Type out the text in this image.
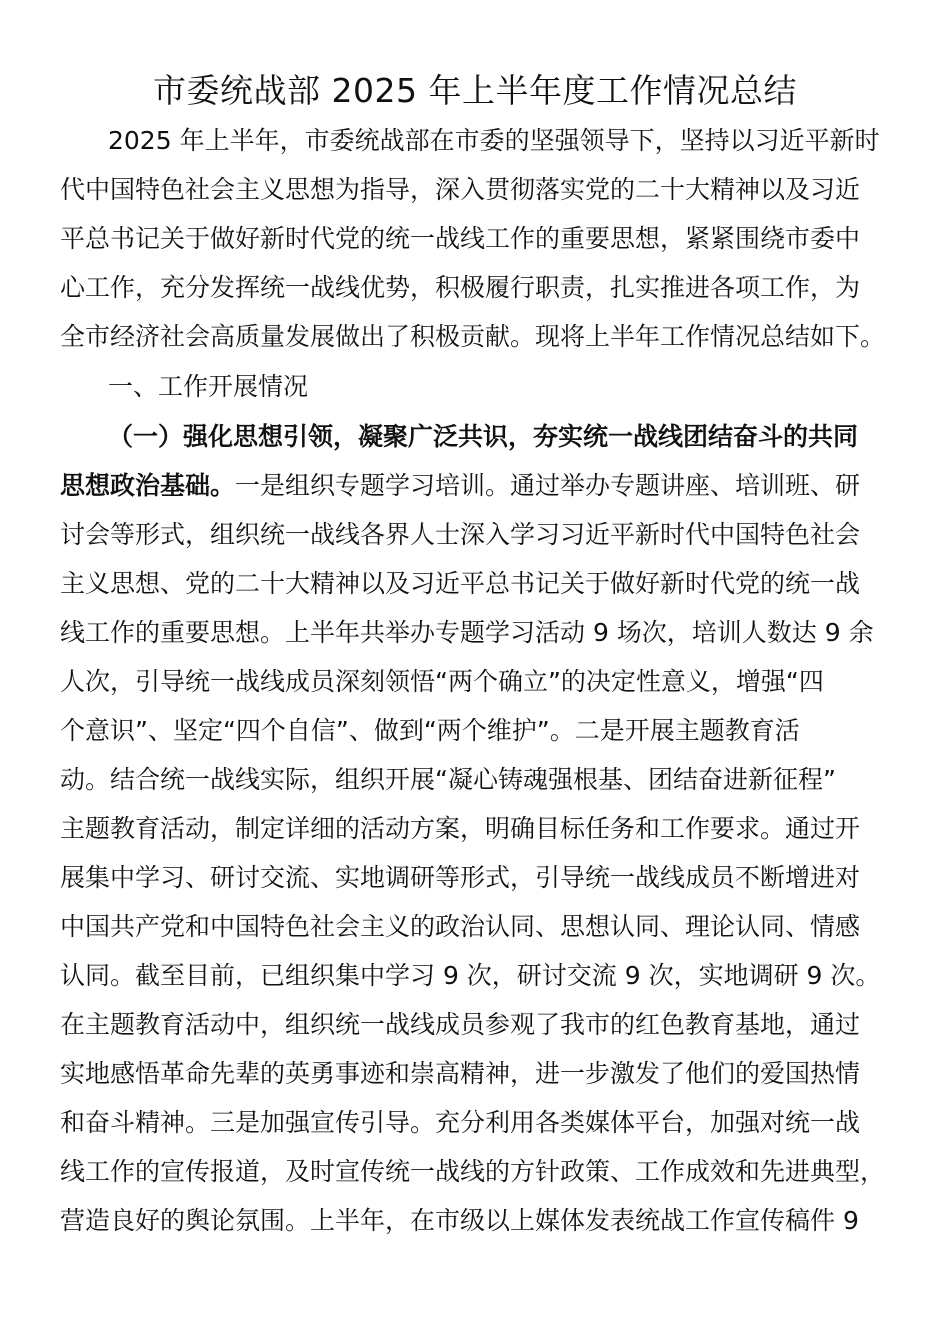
市委统战部 2025 年上半年度工作情况总结

2025 年上半年，市委统战部在市委的坚强领导下，坚持以习近平新时

代中国特色社会主义思想为指导，深入贯彻落实党的二十大精神以及习近

平总书记关于做好新时代党的统一战线工作的重要思想，紧紧围绕市委中

心工作，充分发挥统一战线优势，积极履行职责，扎实推进各项工作，为

全市经济社会高质量发展做出了积极贡献。现将上半年工作情况总结如下。

一、工作开展情况

（一）强化思想引领，凝聚广泛共识，夯实统一战线团结奋斗的共同

思想政治基础。一是组织专题学习培训。通过举办专题讲座、培训班、研

讨会等形式，组织统一战线各界人士深入学习习近平新时代中国特色社会

主义思想、党的二十大精神以及习近平总书记关于做好新时代党的统一战

线工作的重要思想。上半年共举办专题学习活动 9 场次，培训人数达 9 余

人次，引导统一战线成员深刻领悟“两个确立”的决定性意义，增强“四

个意识”、坚定“四个自信”、做到“两个维护”。二是开展主题教育活

动。结合统一战线实际，组织开展“凝心铸魂强根基、团结奋进新征程”

主题教育活动，制定详细的活动方案，明确目标任务和工作要求。通过开

展集中学习、研讨交流、实地调研等形式，引导统一战线成员不断增进对

中国共产党和中国特色社会主义的政治认同、思想认同、理论认同、情感

认同。截至目前，已组织集中学习 9 次，研讨交流 9 次，实地调研 9 次。

在主题教育活动中，组织统一战线成员参观了我市的红色教育基地，通过

实地感悟革命先辈的英勇事迹和崇高精神，进一步激发了他们的爱国热情

和奋斗精神。三是加强宣传引导。充分利用各类媒体平台，加强对统一战

线工作的宣传报道，及时宣传统一战线的方针政策、工作成效和先进典型，

营造良好的舆论氛围。上半年，在市级以上媒体发表统战工作宣传稿件 9
